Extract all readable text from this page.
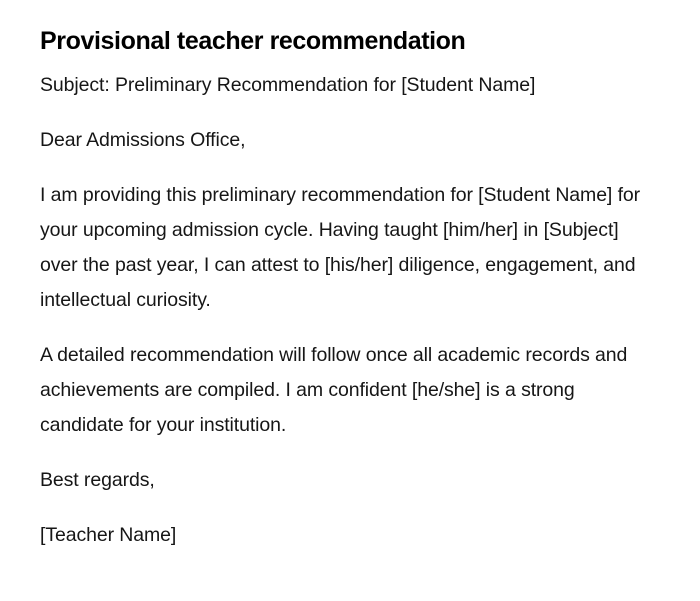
Provisional teacher recommendation

Subject: Preliminary Recommendation for [Student Name]

Dear Admissions Office,

I am providing this preliminary recommendation for [Student Name] for your upcoming admission cycle. Having taught [him/her] in [Subject] over the past year, I can attest to [his/her] diligence, engagement, and intellectual curiosity.

A detailed recommendation will follow once all academic records and achievements are compiled. I am confident [he/she] is a strong candidate for your institution.

Best regards,

[Teacher Name]
